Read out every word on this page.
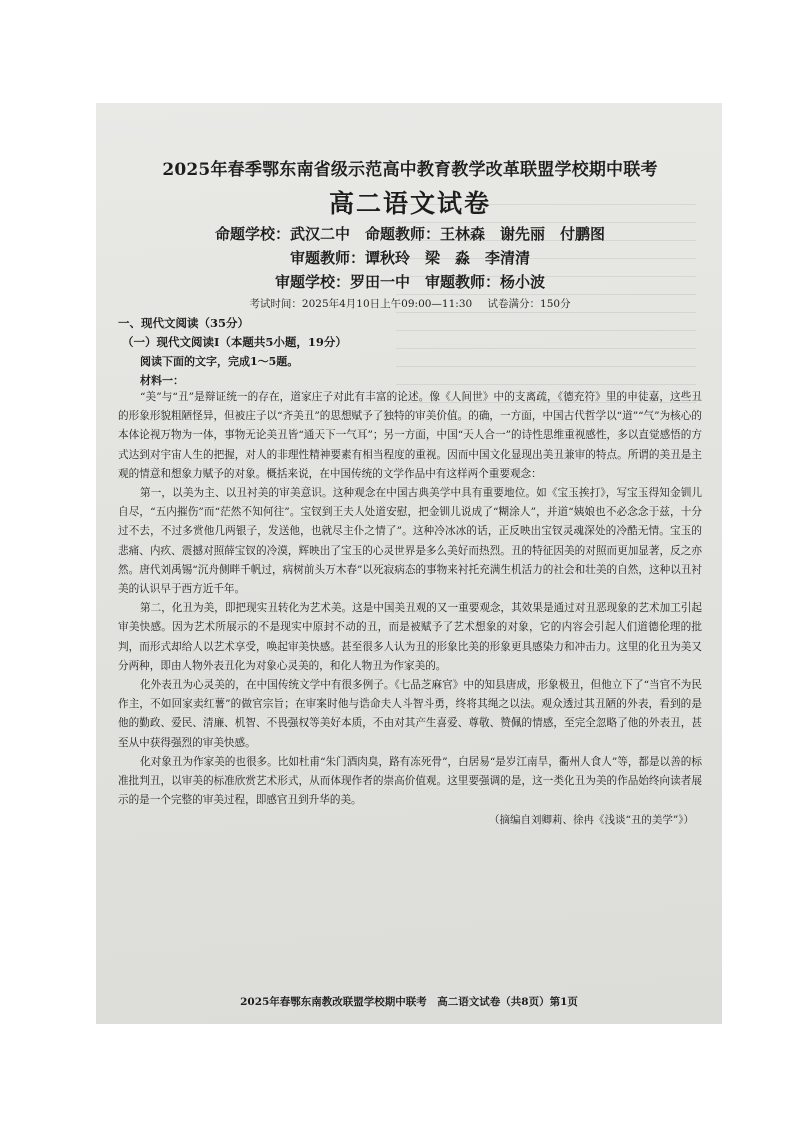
2025年春季鄂东南省级示范高中教育教学改革联盟学校期中联考

高二语文试卷

命题学校：武汉二中　命题教师：王林森　谢先丽　付鹏图

审题教师：谭秋玲　梁　淼　李清清

审题学校：罗田一中　审题教师：杨小波

考试时间：2025年4月10日上午09:00—11:30 试卷满分：150分

一、现代文阅读（35分）

（一）现代文阅读Ⅰ（本题共5小题，19分）

阅读下面的文字，完成1～5题。

材料一：

“美”与“丑”是辩证统一的存在，道家庄子对此有丰富的论述。像《人间世》中的支离疏，《德充符》里的申徒嘉，这些丑的形象形貌粗陋怪异，但被庄子以“齐美丑”的思想赋予了独特的审美价值。的确，一方面，中国古代哲学以“道”“气”为核心的本体论视万物为一体，事物无论美丑皆“通天下一气耳”；另一方面，中国“天人合一”的诗性思维重视感性，多以直觉感悟的方式达到对宇宙人生的把握，对人的非理性精神要素有相当程度的重视。因而中国文化显现出美丑兼审的特点。所谓的美丑是主观的情意和想象力赋予的对象。概括来说，在中国传统的文学作品中有这样两个重要观念：

第一，以美为主、以丑衬美的审美意识。这种观念在中国古典美学中具有重要地位。如《宝玉挨打》，写宝玉得知金钏儿自尽，“五内摧伤”而“茫然不知何往”。宝钗到王夫人处道安慰，把金钏儿说成了“糊涂人”，并道“姨娘也不必念念于兹，十分过不去，不过多赏他几两银子，发送他，也就尽主仆之情了”。这种冷冰冰的话，正反映出宝钗灵魂深处的冷酷无情。宝玉的悲痛、内疚、震撼对照薛宝钗的冷漠，辉映出了宝玉的心灵世界是多么美好而热烈。丑的特征因美的对照而更加显著，反之亦然。唐代刘禹锡“沉舟侧畔千帆过，病树前头万木春”以死寂病态的事物来衬托充满生机活力的社会和壮美的自然，这种以丑衬美的认识早于西方近千年。

第二，化丑为美，即把现实丑转化为艺术美。这是中国美丑观的又一重要观念，其效果是通过对丑恶现象的艺术加工引起审美快感。因为艺术所展示的不是现实中原封不动的丑，而是被赋予了艺术想象的对象，它的内容会引起人们道德伦理的批判，而形式却给人以艺术享受，唤起审美快感。甚至很多人认为丑的形象比美的形象更具感染力和冲击力。这里的化丑为美又分两种，即由人物外表丑化为对象心灵美的，和化人物丑为作家美的。

化外表丑为心灵美的，在中国传统文学中有很多例子。《七品芝麻官》中的知县唐成，形象极丑，但他立下了“当官不为民作主，不如回家卖红薯”的做官宗旨；在审案时他与诰命夫人斗智斗勇，终将其绳之以法。观众透过其丑陋的外表，看到的是他的勤政、爱民、清廉、机智、不畏强权等美好本质，不由对其产生喜爱、尊敬、赞佩的情感，至完全忽略了他的外表丑，甚至从中获得强烈的审美快感。

化对象丑为作家美的也很多。比如杜甫“朱门酒肉臭，路有冻死骨”，白居易“是岁江南旱，衢州人食人”等，都是以善的标准批判丑，以审美的标准欣赏艺术形式，从而体现作者的崇高价值观。这里要强调的是，这一类化丑为美的作品始终向读者展示的是一个完整的审美过程，即感官丑到升华的美。

（摘编自刘卿莉、徐冉《浅谈“丑的美学”》）

2025年春鄂东南教改联盟学校期中联考　高二语文试卷（共8页）第1页
